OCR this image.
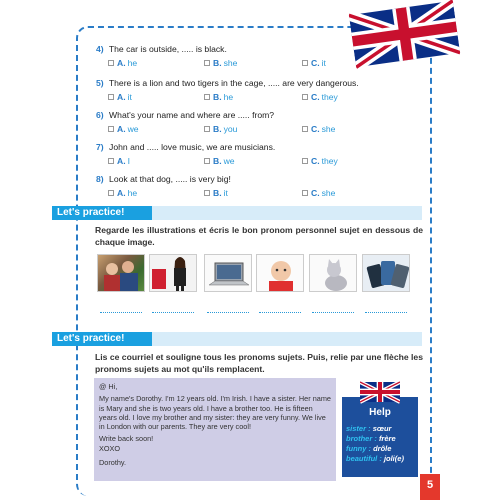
4) The car is outside, ..... is black.
A. he	B. she	C. it
5) There is a lion and two tigers in the cage, ..... are very dangerous.
A. it	B. he	C. they
6) What's your name and where are ..... from?
A. we	B. you	C. she
7) John and ..... love music, we are musicians.
A. I	B. we	C. they
8) Look at that dog, ..... is very big!
A. he	B. it	C. she
Let's practice!
Regarde les illustrations et écris le bon pronom personnel sujet en dessous de chaque image.
Let's practice!
Lis ce courriel et souligne tous les pronoms sujets. Puis, relie par une flèche les pronoms sujets au mot qu'ils remplacent.

@ Hi,

My name's Dorothy. I'm 12 years old. I'm Irish. I have a sister. Her name is Mary and she is two years old. I have a brother too. He is fifteen years old. I love my brother and my sister: they are very funny. We live in London with our parents. They are very cool!

Write back soon!
XOXO
Dorothy.
Help
sister : sœur
brother : frère
funny : drôle
beautiful : joli(e)
5
